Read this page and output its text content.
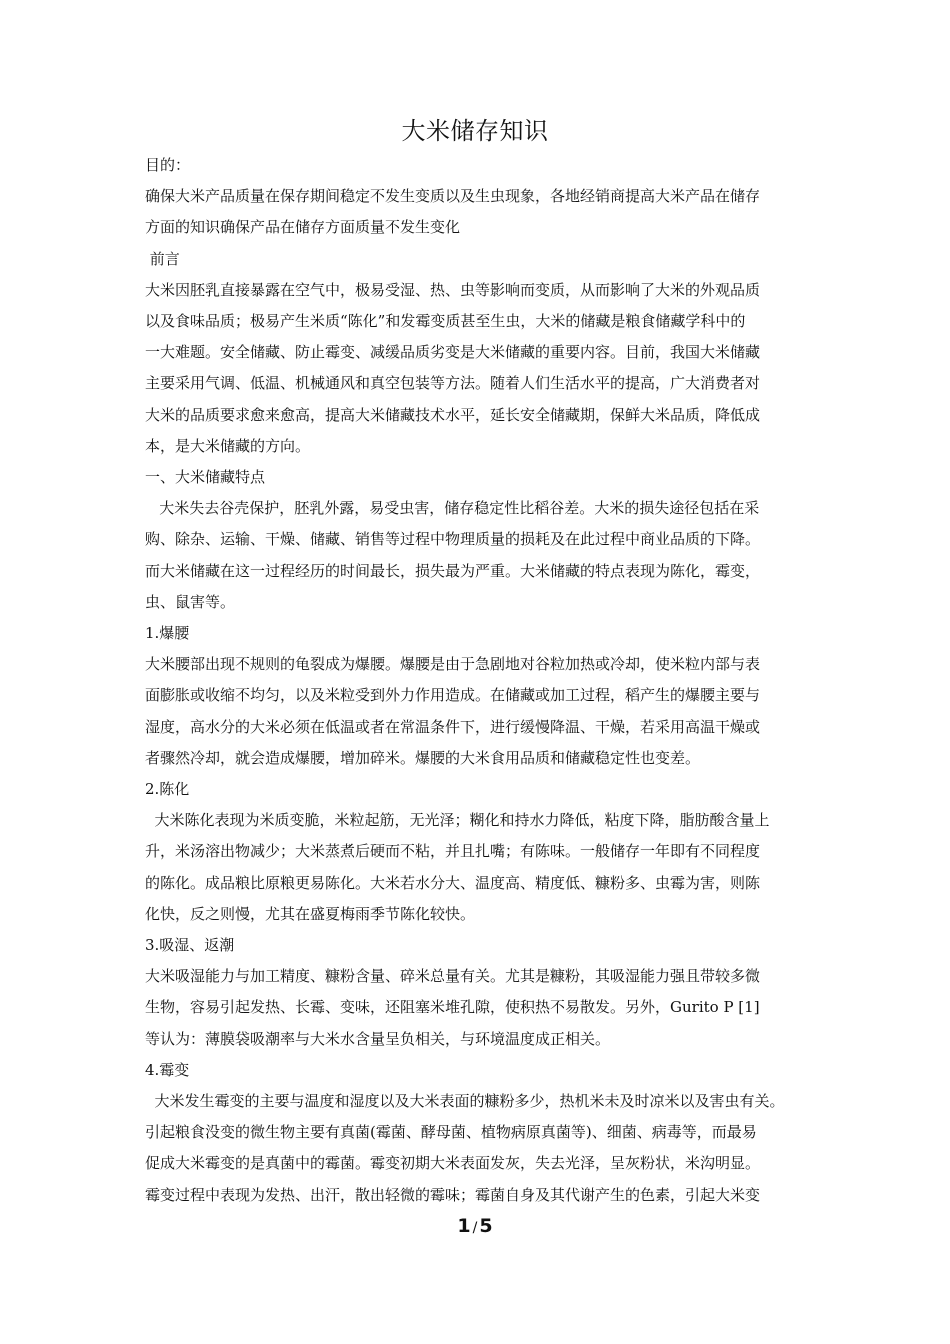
大米储存知识
目的：
确保大米产品质量在保存期间稳定不发生变质以及生虫现象，各地经销商提高大米产品在储存
方面的知识确保产品在储存方面质量不发生变化
前言
大米因胚乳直接暴露在空气中，极易受湿、热、虫等影响而变质，从而影响了大米的外观品质
以及食味品质；极易产生米质“陈化”和发霉变质甚至生虫，大米的储藏是粮食储藏学科中的
一大难题。安全储藏、防止霉变、减缓品质劣变是大米储藏的重要内容。目前，我国大米储藏
主要采用气调、低温、机械通风和真空包装等方法。随着人们生活水平的提高，广大消费者对
大米的品质要求愈来愈高，提高大米储藏技术水平，延长安全储藏期，保鲜大米品质，降低成
本，是大米储藏的方向。
一、大米储藏特点
大米失去谷壳保护，胚乳外露，易受虫害，储存稳定性比稻谷差。大米的损失途径包括在采
购、除杂、运输、干燥、储藏、销售等过程中物理质量的损耗及在此过程中商业品质的下降。
而大米储藏在这一过程经历的时间最长，损失最为严重。大米储藏的特点表现为陈化，霉变，
虫、鼠害等。
1.爆腰
大米腰部出现不规则的龟裂成为爆腰。爆腰是由于急剧地对谷粒加热或冷却，使米粒内部与表
面膨胀或收缩不均匀，以及米粒受到外力作用造成。在储藏或加工过程，稻产生的爆腰主要与
湿度，高水分的大米必须在低温或者在常温条件下，进行缓慢降温、干燥，若采用高温干燥或
者骤然冷却，就会造成爆腰，增加碎米。爆腰的大米食用品质和储藏稳定性也变差。
2.陈化
大米陈化表现为米质变脆，米粒起筋，无光泽；糊化和持水力降低，粘度下降，脂肪酸含量上
升，米汤溶出物减少；大米蒸煮后硬而不粘，并且扎嘴；有陈味。一般储存一年即有不同程度
的陈化。成品粮比原粮更易陈化。大米若水分大、温度高、精度低、糠粉多、虫霉为害，则陈
化快，反之则慢，尤其在盛夏梅雨季节陈化较快。
3.吸湿、返潮
大米吸湿能力与加工精度、糠粉含量、碎米总量有关。尤其是糠粉，其吸湿能力强且带较多微
生物，容易引起发热、长霉、变味，还阻塞米堆孔隙，使积热不易散发。另外，Gurito P [1]
等认为：薄膜袋吸潮率与大米水含量呈负相关，与环境温度成正相关。
4.霉变
大米发生霉变的主要与温度和湿度以及大米表面的糠粉多少，热机米未及时凉米以及害虫有关。
引起粮食没变的微生物主要有真菌(霉菌、酵母菌、植物病原真菌等)、细菌、病毒等，而最易
促成大米霉变的是真菌中的霉菌。霉变初期大米表面发灰，失去光泽，呈灰粉状，米沟明显。
霉变过程中表现为发热、出汗，散出轻微的霉味；霉菌自身及其代谢产生的色素，引起大米变
1 / 5
